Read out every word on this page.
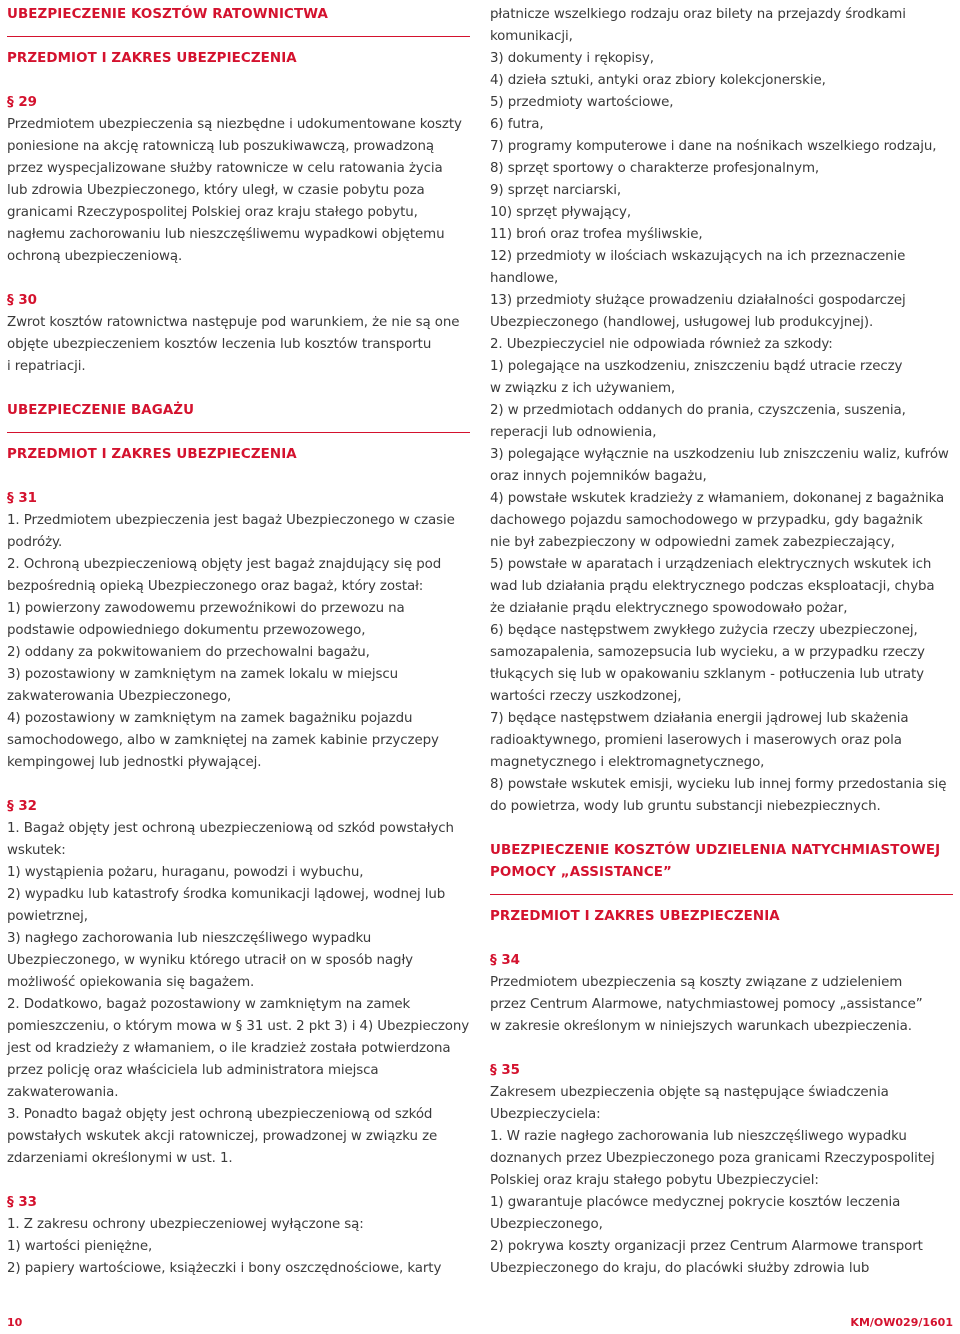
UBEZPIECZENIE KOSZTÓW RATOWNICTWA
PRZEDMIOT I ZAKRES UBEZPIECZENIA
§ 29
Przedmiotem ubezpieczenia są niezbędne i udokumentowane koszty
poniesione na akcję ratowniczą lub poszukiwawczą, prowadzoną
przez wyspecjalizowane służby ratownicze w celu ratowania życia
lub zdrowia Ubezpieczonego, który uległ, w czasie pobytu poza
granicami Rzeczypospolitej Polskiej oraz kraju stałego pobytu,
nagłemu zachorowaniu lub nieszczęśliwemu wypadkowi objętemu
ochroną ubezpieczeniową.
§ 30
Zwrot kosztów ratownictwa następuje pod warunkiem, że nie są one
objęte ubezpieczeniem kosztów leczenia lub kosztów transportu
i repatriacji.
UBEZPIECZENIE BAGAŻU
PRZEDMIOT I ZAKRES UBEZPIECZENIA
§ 31
1. Przedmiotem ubezpieczenia jest bagaż Ubezpieczonego w czasie
podróży.
2. Ochroną ubezpieczeniową objęty jest bagaż znajdujący się pod
bezpośrednią opieką Ubezpieczonego oraz bagaż, który został:
1) powierzony zawodowemu przewoźnikowi do przewozu na
podstawie odpowiedniego dokumentu przewozowego,
2) oddany za pokwitowaniem do przechowalni bagażu,
3) pozostawiony w zamkniętym na zamek lokalu w miejscu
zakwaterowania Ubezpieczonego,
4) pozostawiony w zamkniętym na zamek bagażniku pojazdu
samochodowego, albo w zamkniętej na zamek kabinie przyczepy
kempingowej lub jednostki pływającej.
§ 32
1. Bagaż objęty jest ochroną ubezpieczeniową od szkód powstałych
wskutek:
1) wystąpienia pożaru, huraganu, powodzi i wybuchu,
2) wypadku lub katastrofy środka komunikacji lądowej, wodnej lub
powietrznej,
3) nagłego zachorowania lub nieszczęśliwego wypadku
Ubezpieczonego, w wyniku którego utracił on w sposób nagły
możliwość opiekowania się bagażem.
2. Dodatkowo, bagaż pozostawiony w zamkniętym na zamek
pomieszczeniu, o którym mowa w § 31 ust. 2 pkt 3) i 4) Ubezpieczony
jest od kradzieży z włamaniem, o ile kradzież została potwierdzona
przez policję oraz właściciela lub administratora miejsca
zakwaterowania.
3. Ponadto bagaż objęty jest ochroną ubezpieczeniową od szkód
powstałych wskutek akcji ratowniczej, prowadzonej w związku ze
zdarzeniami określonymi w ust. 1.
§ 33
1. Z zakresu ochrony ubezpieczeniowej wyłączone są:
1) wartości pieniężne,
2) papiery wartościowe, książeczki i bony oszczędnościowe, karty
płatnicze wszelkiego rodzaju oraz bilety na przejazdy środkami
komunikacji,
3) dokumenty i rękopisy,
4) dzieła sztuki, antyki oraz zbiory kolekcjonerskie,
5) przedmioty wartościowe,
6) futra,
7) programy komputerowe i dane na nośnikach wszelkiego rodzaju,
8) sprzęt sportowy o charakterze profesjonalnym,
9) sprzęt narciarski,
10) sprzęt pływający,
11) broń oraz trofea myśliwskie,
12) przedmioty w ilościach wskazujących na ich przeznaczenie
handlowe,
13) przedmioty służące prowadzeniu działalności gospodarczej
Ubezpieczonego (handlowej, usługowej lub produkcyjnej).
2. Ubezpieczyciel nie odpowiada również za szkody:
1) polegające na uszkodzeniu, zniszczeniu bądź utracie rzeczy
w związku z ich używaniem,
2) w przedmiotach oddanych do prania, czyszczenia, suszenia,
reperacji lub odnowienia,
3) polegające wyłącznie na uszkodzeniu lub zniszczeniu waliz, kufrów
oraz innych pojemników bagażu,
4) powstałe wskutek kradzieży z włamaniem, dokonanej z bagażnika
dachowego pojazdu samochodowego w przypadku, gdy bagażnik
nie był zabezpieczony w odpowiedni zamek zabezpieczający,
5) powstałe w aparatach i urządzeniach elektrycznych wskutek ich
wad lub działania prądu elektrycznego podczas eksploatacji, chyba
że działanie prądu elektrycznego spowodowało pożar,
6) będące następstwem zwykłego zużycia rzeczy ubezpieczonej,
samozapalenia, samozepsucia lub wycieku, a w przypadku rzeczy
tłukących się lub w opakowaniu szklanym - potłuczenia lub utraty
wartości rzeczy uszkodzonej,
7) będące następstwem działania energii jądrowej lub skażenia
radioaktywnego, promieni laserowych i maserowych oraz pola
magnetycznego i elektromagnetycznego,
8) powstałe wskutek emisji, wycieku lub innej formy przedostania się
do powietrza, wody lub gruntu substancji niebezpiecznych.
UBEZPIECZENIE KOSZTÓW UDZIELENIA NATYCHMIASTOWEJ
POMOCY „ASSISTANCE”
PRZEDMIOT I ZAKRES UBEZPIECZENIA
§ 34
Przedmiotem ubezpieczenia są koszty związane z udzieleniem
przez Centrum Alarmowe, natychmiastowej pomocy „assistance”
w zakresie określonym w niniejszych warunkach ubezpieczenia.
§ 35
Zakresem ubezpieczenia objęte są następujące świadczenia
Ubezpieczyciela:
1. W razie nagłego zachorowania lub nieszczęśliwego wypadku
doznanych przez Ubezpieczonego poza granicami Rzeczypospolitej
Polskiej oraz kraju stałego pobytu Ubezpieczyciel:
1) gwarantuje placówce medycznej pokrycie kosztów leczenia
Ubezpieczonego,
2) pokrywa koszty organizacji przez Centrum Alarmowe transport
Ubezpieczonego do kraju, do placówki służby zdrowia lub
10	KM/OW029/1601
